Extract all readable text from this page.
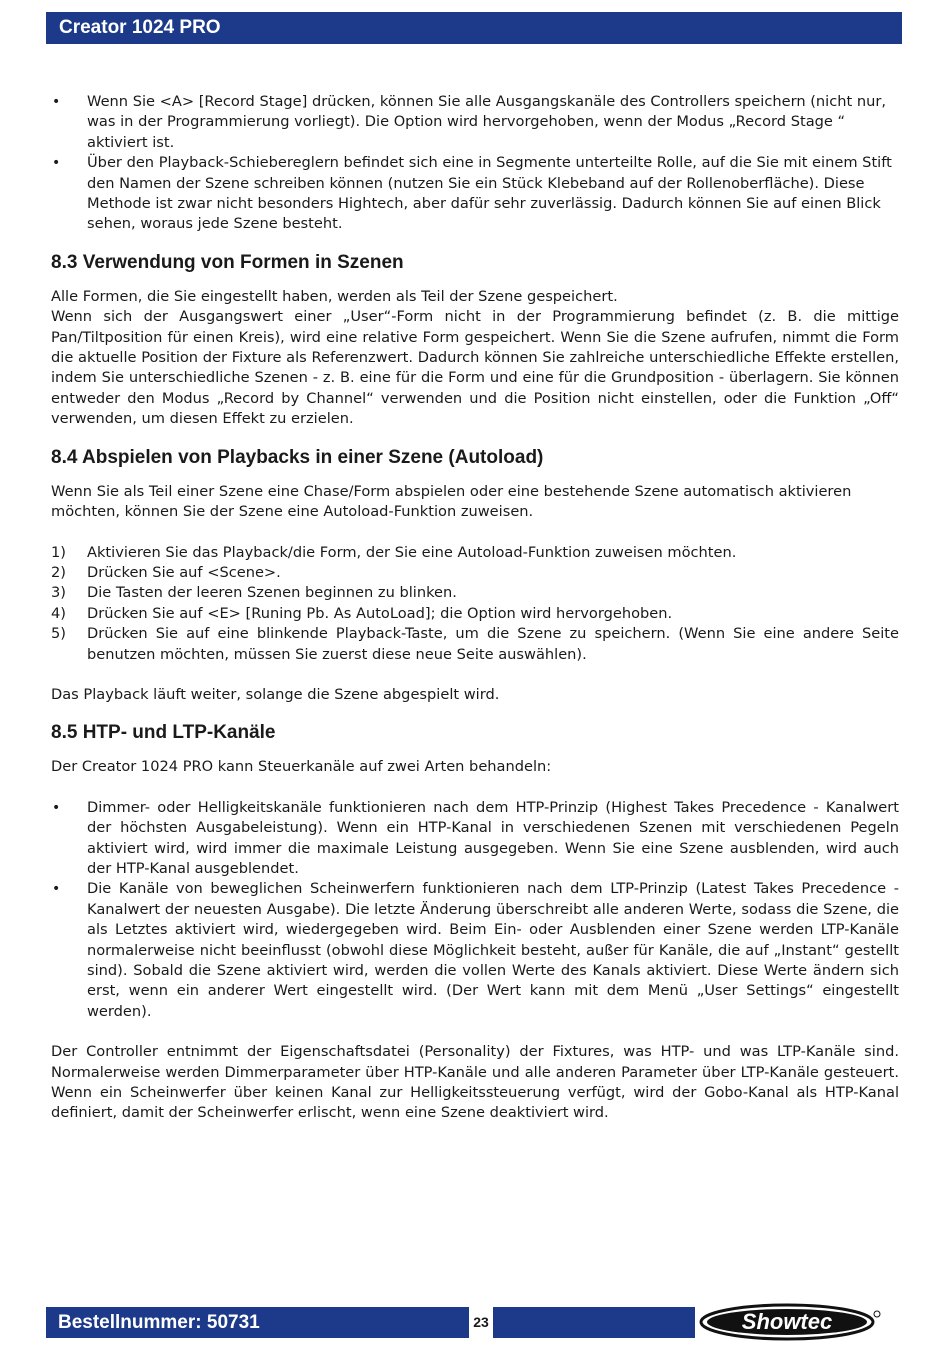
Creator 1024 PRO
• Wenn Sie <A> [Record Stage] drücken, können Sie alle Ausgangskanäle des Controllers speichern (nicht nur, was in der Programmierung vorliegt). Die Option wird hervorgehoben, wenn der Modus „Record Stage “ aktiviert ist.
• Über den Playback-Schiebereglern befindet sich eine in Segmente unterteilte Rolle, auf die Sie mit einem Stift den Namen der Szene schreiben können (nutzen Sie ein Stück Klebeband auf der Rollenoberfläche). Diese Methode ist zwar nicht besonders Hightech, aber dafür sehr zuverlässig. Dadurch können Sie auf einen Blick sehen, woraus jede Szene besteht.
8.3 Verwendung von Formen in Szenen

Alle Formen, die Sie eingestellt haben, werden als Teil der Szene gespeichert.

Wenn sich der Ausgangswert einer „User“-Form nicht in der Programmierung befindet (z. B. die mittige Pan/Tiltposition für einen Kreis), wird eine relative Form gespeichert. Wenn Sie die Szene aufrufen, nimmt die Form die aktuelle Position der Fixture als Referenzwert. Dadurch können Sie zahlreiche unterschiedliche Effekte erstellen, indem Sie unterschiedliche Szenen - z. B. eine für die Form und eine für die Grundposition - überlagern. Sie können entweder den Modus „Record by Channel“ verwenden und die Position nicht einstellen, oder die Funktion „Off“ verwenden, um diesen Effekt zu erzielen.

8.4 Abspielen von Playbacks in einer Szene (Autoload)

Wenn Sie als Teil einer Szene eine Chase/Form abspielen oder eine bestehende Szene automatisch aktivieren möchten, können Sie der Szene eine Autoload-Funktion zuweisen.

1) Aktivieren Sie das Playback/die Form, der Sie eine Autoload-Funktion zuweisen möchten.
2) Drücken Sie auf <Scene>.
3) Die Tasten der leeren Szenen beginnen zu blinken.
4) Drücken Sie auf <E> [Runing Pb. As AutoLoad]; die Option wird hervorgehoben.
5) Drücken Sie auf eine blinkende Playback-Taste, um die Szene zu speichern. (Wenn Sie eine andere Seite benutzen möchten, müssen Sie zuerst diese neue Seite auswählen).

Das Playback läuft weiter, solange die Szene abgespielt wird.

8.5 HTP- und LTP-Kanäle

Der Creator 1024 PRO kann Steuerkanäle auf zwei Arten behandeln:

• Dimmer- oder Helligkeitskanäle funktionieren nach dem HTP-Prinzip (Highest Takes Precedence - Kanalwert der höchsten Ausgabeleistung). Wenn ein HTP-Kanal in verschiedenen Szenen mit verschiedenen Pegeln aktiviert wird, wird immer die maximale Leistung ausgegeben. Wenn Sie eine Szene ausblenden, wird auch der HTP-Kanal ausgeblendet.
• Die Kanäle von beweglichen Scheinwerfern funktionieren nach dem LTP-Prinzip (Latest Takes Precedence - Kanalwert der neuesten Ausgabe). Die letzte Änderung überschreibt alle anderen Werte, sodass die Szene, die als Letztes aktiviert wird, wiedergegeben wird. Beim Ein- oder Ausblenden einer Szene werden LTP-Kanäle normalerweise nicht beeinflusst (obwohl diese Möglichkeit besteht, außer für Kanäle, die auf „Instant“ gestellt sind). Sobald die Szene aktiviert wird, werden die vollen Werte des Kanals aktiviert. Diese Werte ändern sich erst, wenn ein anderer Wert eingestellt wird. (Der Wert kann mit dem Menü „User Settings“ eingestellt werden).

Der Controller entnimmt der Eigenschaftsdatei (Personality) der Fixtures, was HTP- und was LTP-Kanäle sind. Normalerweise werden Dimmerparameter über HTP-Kanäle und alle anderen Parameter über LTP-Kanäle gesteuert. Wenn ein Scheinwerfer über keinen Kanal zur Helligkeitssteuerung verfügt, wird der Gobo-Kanal als HTP-Kanal definiert, damit der Scheinwerfer erlischt, wenn eine Szene deaktiviert wird.

Bestellnummer: 50731	23	Showtec
